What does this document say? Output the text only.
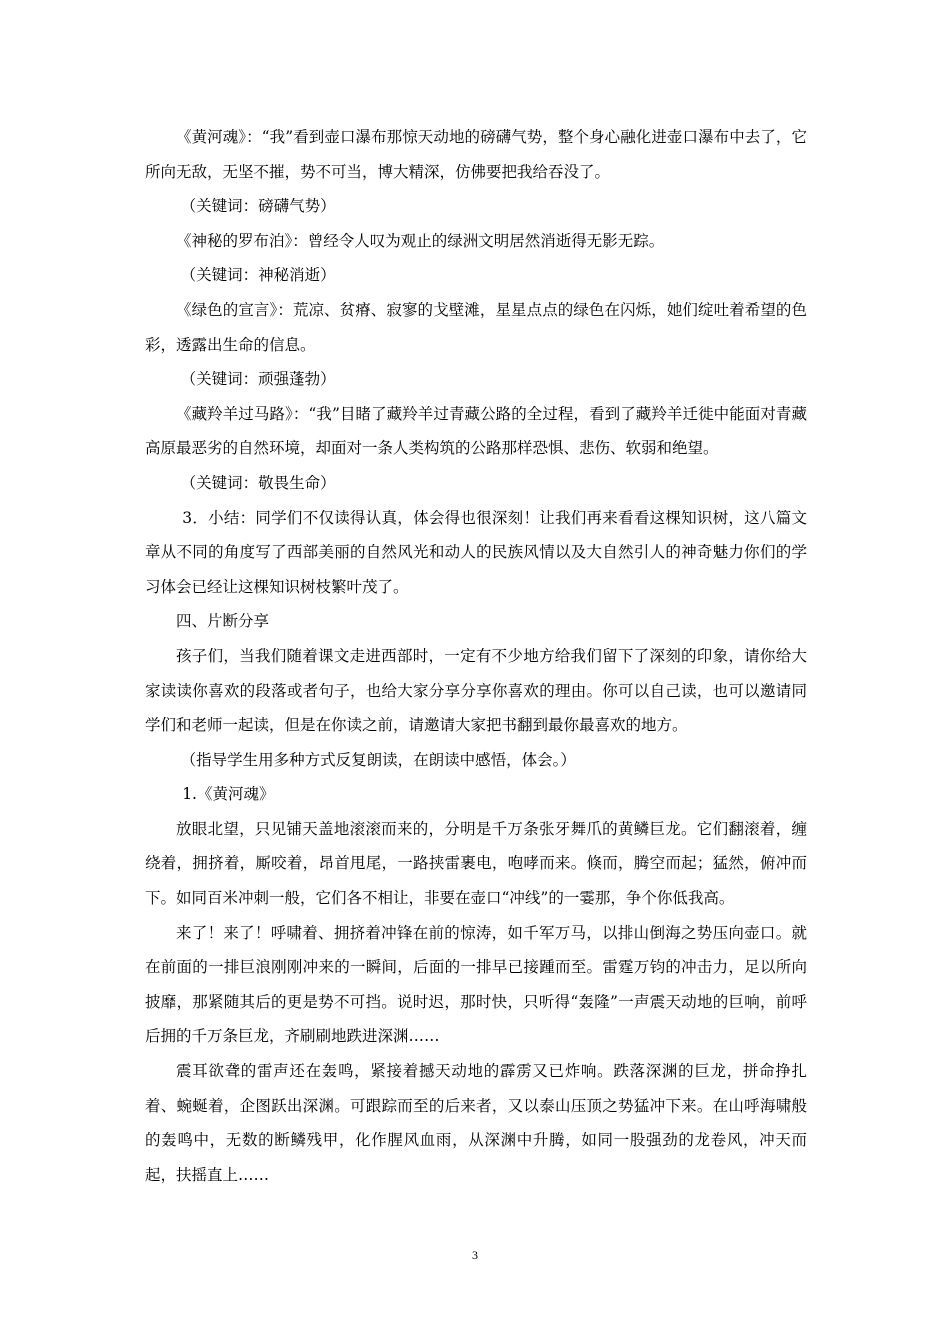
《黄河魂》：“我”看到壶口瀑布那惊天动地的磅礴气势，整个身心融化进壶口瀑布中去了，它所向无敌，无坚不摧，势不可当，博大精深，仿佛要把我给吞没了。

（关键词：磅礴气势）

《神秘的罗布泊》：曾经令人叹为观止的绿洲文明居然消逝得无影无踪。

（关键词：神秘消逝）

《绿色的宣言》：荒凉、贫瘠、寂寥的戈壁滩，星星点点的绿色在闪烁，她们绽吐着希望的色彩，透露出生命的信息。

（关键词：顽强蓬勃）

《藏羚羊过马路》：“我”目睹了藏羚羊过青藏公路的全过程，看到了藏羚羊迁徙中能面对青藏高原最恶劣的自然环境，却面对一条人类构筑的公路那样恐惧、悲伤、软弱和绝望。

（关键词：敬畏生命）

3．小结：同学们不仅读得认真，体会得也很深刻！让我们再来看看这棵知识树，这八篇文章从不同的角度写了西部美丽的自然风光和动人的民族风情以及大自然引人的神奇魅力你们的学习体会已经让这棵知识树枝繁叶茂了。

四、片断分享

孩子们，当我们随着课文走进西部时，一定有不少地方给我们留下了深刻的印象，请你给大家读读你喜欢的段落或者句子，也给大家分享分享你喜欢的理由。你可以自己读，也可以邀请同学们和老师一起读，但是在你读之前，请邀请大家把书翻到最你最喜欢的地方。

（指导学生用多种方式反复朗读，在朗读中感悟，体会。）

1.《黄河魂》

放眼北望，只见铺天盖地滚滚而来的，分明是千万条张牙舞爪的黄鳞巨龙。它们翻滚着，缠绕着，拥挤着，厮咬着，昂首甩尾，一路挟雷裹电，咆哮而来。倏而，腾空而起；猛然，俯冲而下。如同百米冲刺一般，它们各不相让，非要在壶口“冲线”的一霎那，争个你低我高。

来了！来了！呼啸着、拥挤着冲锋在前的惊涛，如千军万马，以排山倒海之势压向壶口。就在前面的一排巨浪刚刚冲来的一瞬间，后面的一排早已接踵而至。雷霆万钧的冲击力，足以所向披靡，那紧随其后的更是势不可挡。说时迟，那时快，只听得“轰隆”一声震天动地的巨响，前呼后拥的千万条巨龙，齐刷刷地跌进深渊……

震耳欲聋的雷声还在轰鸣，紧接着撼天动地的霹雳又已炸响。跌落深渊的巨龙，拼命挣扎着、蜿蜒着，企图跃出深渊。可跟踪而至的后来者，又以泰山压顶之势猛冲下来。在山呼海啸般的轰鸣中，无数的断鳞残甲，化作腥风血雨，从深渊中升腾，如同一股强劲的龙卷风，冲天而起，扶摇直上……

3
